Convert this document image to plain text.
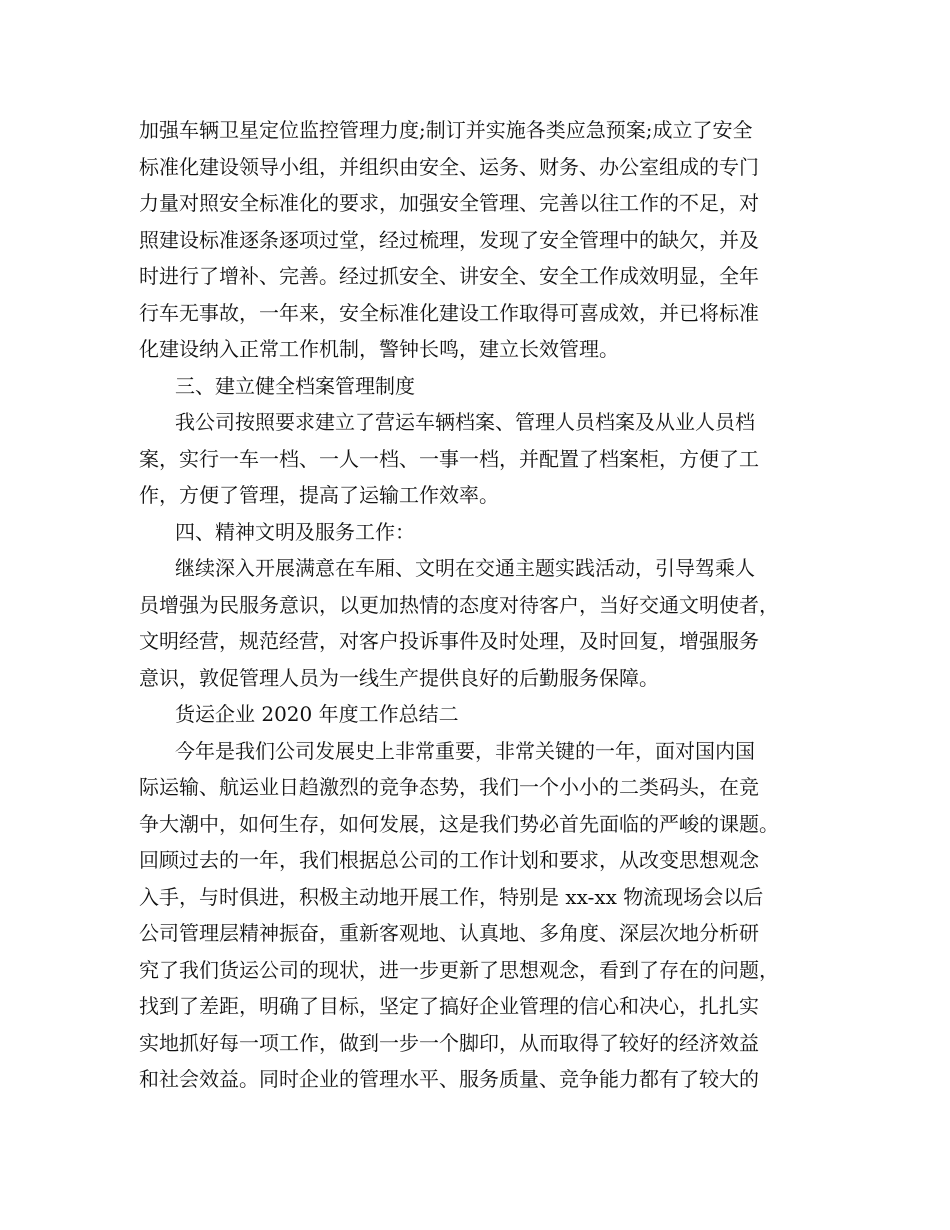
加强车辆卫星定位监控管理力度;制订并实施各类应急预案;成立了安全
标准化建设领导小组，并组织由安全、运务、财务、办公室组成的专门
力量对照安全标准化的要求，加强安全管理、完善以往工作的不足，对
照建设标准逐条逐项过堂，经过梳理，发现了安全管理中的缺欠，并及
时进行了增补、完善。经过抓安全、讲安全、安全工作成效明显，全年
行车无事故，一年来，安全标准化建设工作取得可喜成效，并已将标准
化建设纳入正常工作机制，警钟长鸣，建立长效管理。
三、建立健全档案管理制度
我公司按照要求建立了营运车辆档案、管理人员档案及从业人员档
案，实行一车一档、一人一档、一事一档，并配置了档案柜，方便了工
作，方便了管理，提高了运输工作效率。
四、精神文明及服务工作：
继续深入开展满意在车厢、文明在交通主题实践活动，引导驾乘人
员增强为民服务意识，以更加热情的态度对待客户，当好交通文明使者，
文明经营，规范经营，对客户投诉事件及时处理，及时回复，增强服务
意识，敦促管理人员为一线生产提供良好的后勤服务保障。
货运企业 2020 年度工作总结二
今年是我们公司发展史上非常重要，非常关键的一年，面对国内国
际运输、航运业日趋激烈的竞争态势，我们一个小小的二类码头，在竞
争大潮中，如何生存，如何发展，这是我们势必首先面临的严峻的课题。
回顾过去的一年，我们根据总公司的工作计划和要求，从改变思想观念
入手，与时俱进，积极主动地开展工作，特别是 xx-xx 物流现场会以后
公司管理层精神振奋，重新客观地、认真地、多角度、深层次地分析研
究了我们货运公司的现状，进一步更新了思想观念，看到了存在的问题，
找到了差距，明确了目标，坚定了搞好企业管理的信心和决心，扎扎实
实地抓好每一项工作，做到一步一个脚印，从而取得了较好的经济效益
和社会效益。同时企业的管理水平、服务质量、竞争能力都有了较大的
